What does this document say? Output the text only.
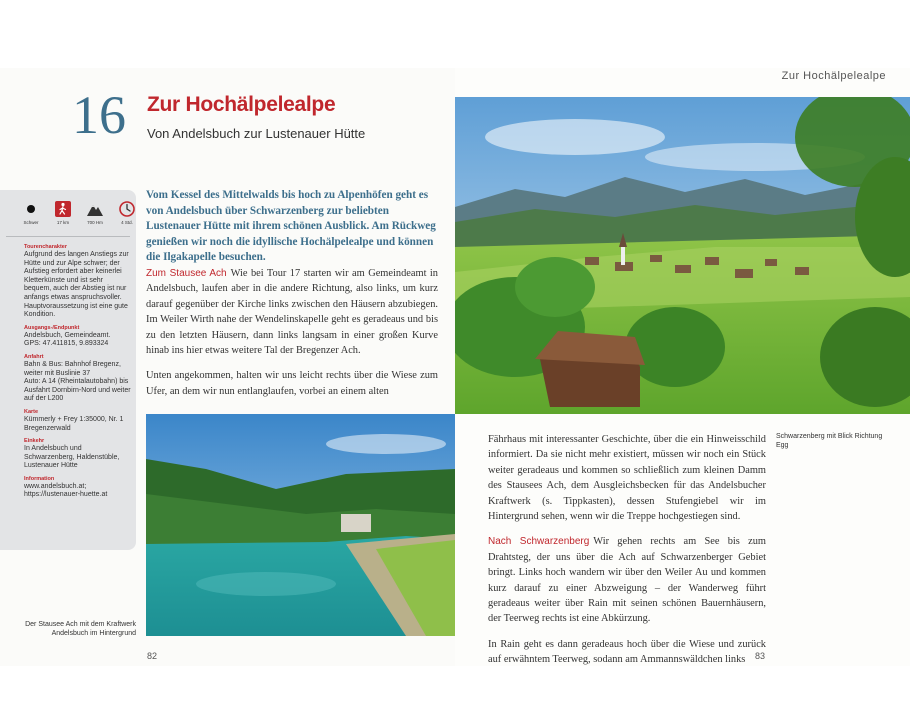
Zur Hochälpelealpe
16 Zur Hochälpelealpe
Von Andelsbuch zur Lustenauer Hütte
Schwer	17 km	700 Hm	4 Std.
Tourencharakter
Aufgrund des langen Anstiegs zur Hütte und zur Alpe schwer; der Aufstieg erfordert aber keinerlei Kletterkünste und ist sehr bequem, auch der Abstieg ist nur anfangs etwas anspruchsvoller. Hauptvoraussetzung ist eine gute Kondition.
Ausgangs-/Endpunkt
Andelsbuch, Gemeindeamt.
GPS: 47.411815, 9.893324
Anfahrt
Bahn & Bus: Bahnhof Bregenz, weiter mit Buslinie 37
Auto: A 14 (Rheintalautobahn) bis Ausfahrt Dornbirn-Nord und weiter auf der L200
Karte
Kümmerly + Frey 1:35000, Nr. 1 Bregenzerwald
Einkehr
In Andelsbuch und Schwarzenberg, Haldenstüble, Lustenauer Hütte
Information
www.andelsbuch.at;
https://lustenauer-huette.at
Vom Kessel des Mittelwalds bis hoch zu Alpenhöfen geht es von Andelsbuch über Schwarzenberg zur beliebten Lustenauer Hütte mit ihrem schönen Ausblick. Am Rückweg genießen wir noch die idyllische Hochälpelealpe und können die Ilgakapelle besuchen.

Zum Stausee Ach Wie bei Tour 17 starten wir am Gemeindeamt in Andelsbuch, laufen aber in die andere Richtung, also links, um kurz darauf gegenüber der Kirche links zwischen den Häusern abzubiegen. Im Weiler Wirth nahe der Wendelinskapelle geht es geradeaus und bis zu den letzten Häusern, dann links langsam in einer großen Kurve hinab ins hier etwas weitere Tal der Bregenzer Ach.

Unten angekommen, halten wir uns leicht rechts über die Wiese zum Ufer, an dem wir nun entlanglaufen, vorbei an einem alten

Schwarzenberg mit Blick Richtung Egg
Der Stausee Ach mit dem Kraftwerk Andelsbuch im Hintergrund

Fährhaus mit interessanter Geschichte, über die ein Hinweisschild informiert. Da sie nicht mehr existiert, müssen wir noch ein Stück weiter geradeaus und kommen so schließlich zum kleinen Damm des Stausees Ach, dem Ausgleichsbecken für das Andelsbucher Kraftwerk (s. Tippkasten), dessen Stufengiebel wir im Hintergrund sehen, wenn wir die Treppe hochgestiegen sind.

Nach Schwarzenberg Wir gehen rechts am See bis zum Drahtsteg, der uns über die Ach auf Schwarzenberger Gebiet bringt. Links hoch wandern wir über den Weiler Au und kommen kurz darauf zu einer Abzweigung – der Wanderweg führt geradeaus weiter über Rain mit seinen schönen Bauernhäusern, der Teerweg rechts ist eine Abkürzung.

In Rain geht es dann geradeaus hoch über die Wiese und zurück auf erwähntem Teerweg, sodann am Ammannswäldchen links

82	83
